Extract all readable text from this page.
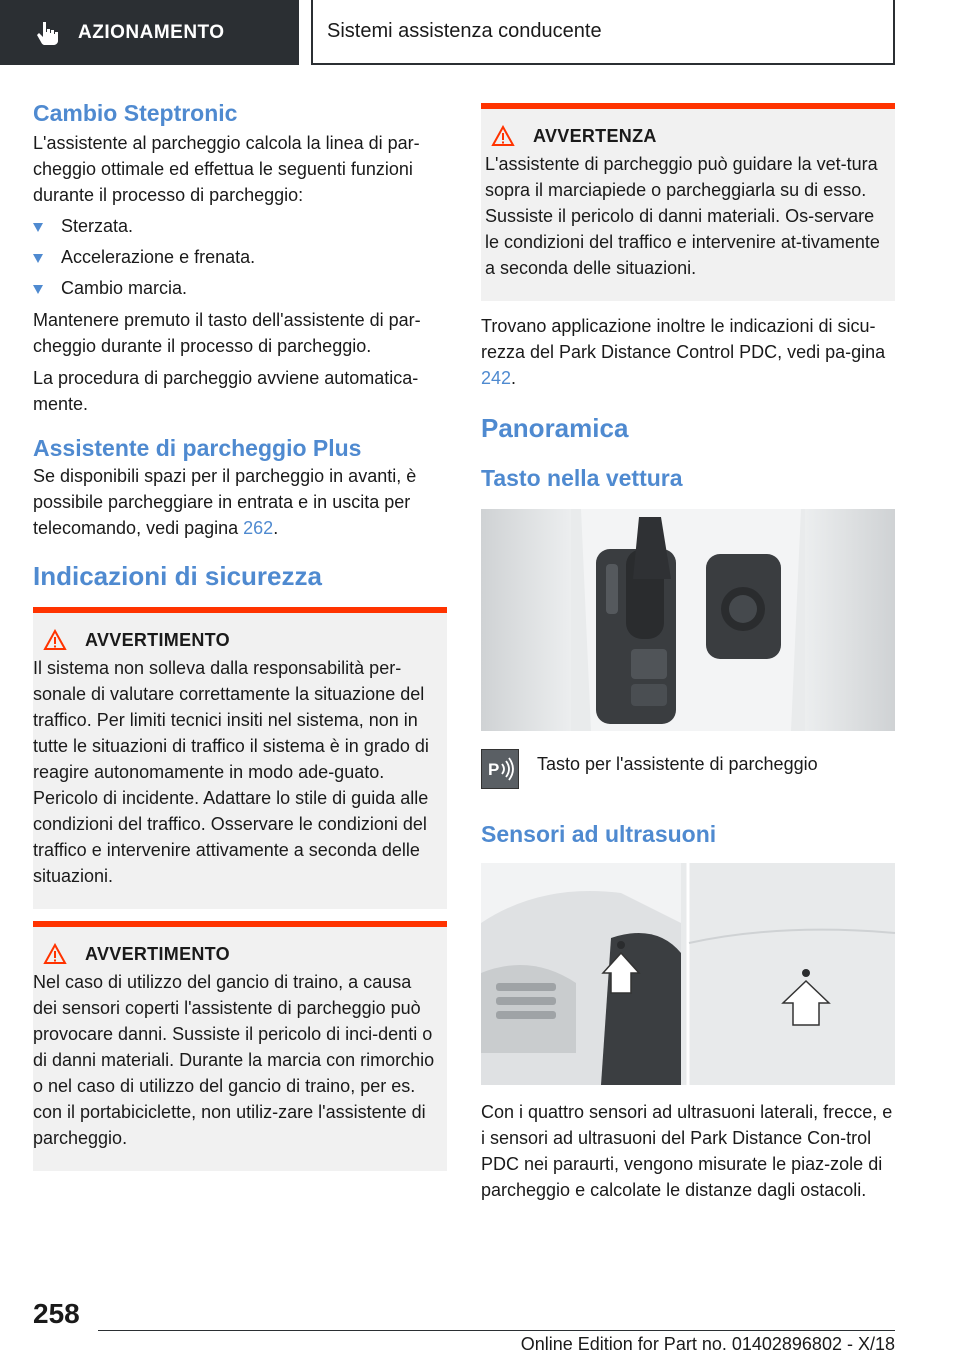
AZIONAMENTO	Sistemi assistenza conducente
Cambio Steptronic

L'assistente al parcheggio calcola la linea di par-cheggio ottimale ed effettua le seguenti funzioni durante il processo di parcheggio:

Sterzata.
Accelerazione e frenata.
Cambio marcia.

Mantenere premuto il tasto dell'assistente di par-cheggio durante il processo di parcheggio.

La procedura di parcheggio avviene automatica-mente.

Assistente di parcheggio Plus

Se disponibili spazi per il parcheggio in avanti, è possibile parcheggiare in entrata e in uscita per telecomando, vedi pagina 262.

Indicazioni di sicurezza
AVVERTIMENTO

Il sistema non solleva dalla responsabilità per-sonale di valutare correttamente la situazione del traffico. Per limiti tecnici insiti nel sistema, non in tutte le situazioni di traffico il sistema è in grado di reagire autonomamente in modo ade-guato. Pericolo di incidente. Adattare lo stile di guida alle condizioni del traffico. Osservare le condizioni del traffico e intervenire attivamente a seconda delle situazioni.

AVVERTIMENTO

Nel caso di utilizzo del gancio di traino, a causa dei sensori coperti l'assistente di parcheggio può provocare danni. Sussiste il pericolo di inci-denti o di danni materiali. Durante la marcia con rimorchio o nel caso di utilizzo del gancio di traino, per es. con il portabiciclette, non utiliz-zare l'assistente di parcheggio.

AVVERTENZA

L'assistente di parcheggio può guidare la vet-tura sopra il marciapiede o parcheggiarla su di esso. Sussiste il pericolo di danni materiali. Os-servare le condizioni del traffico e intervenire at-tivamente a seconda delle situazioni.

Trovano applicazione inoltre le indicazioni di sicu-rezza del Park Distance Control PDC, vedi pa-gina 242.

Panoramica
Tasto nella vettura
P Tasto per l'assistente di parcheggio
Sensori ad ultrasuoni

Con i quattro sensori ad ultrasuoni laterali, frecce, e i sensori ad ultrasuoni del Park Distance Con-trol PDC nei paraurti, vengono misurate le piaz-zole di parcheggio e calcolate le distanze dagli ostacoli.

258
Online Edition for Part no. 01402896802 - X/18
